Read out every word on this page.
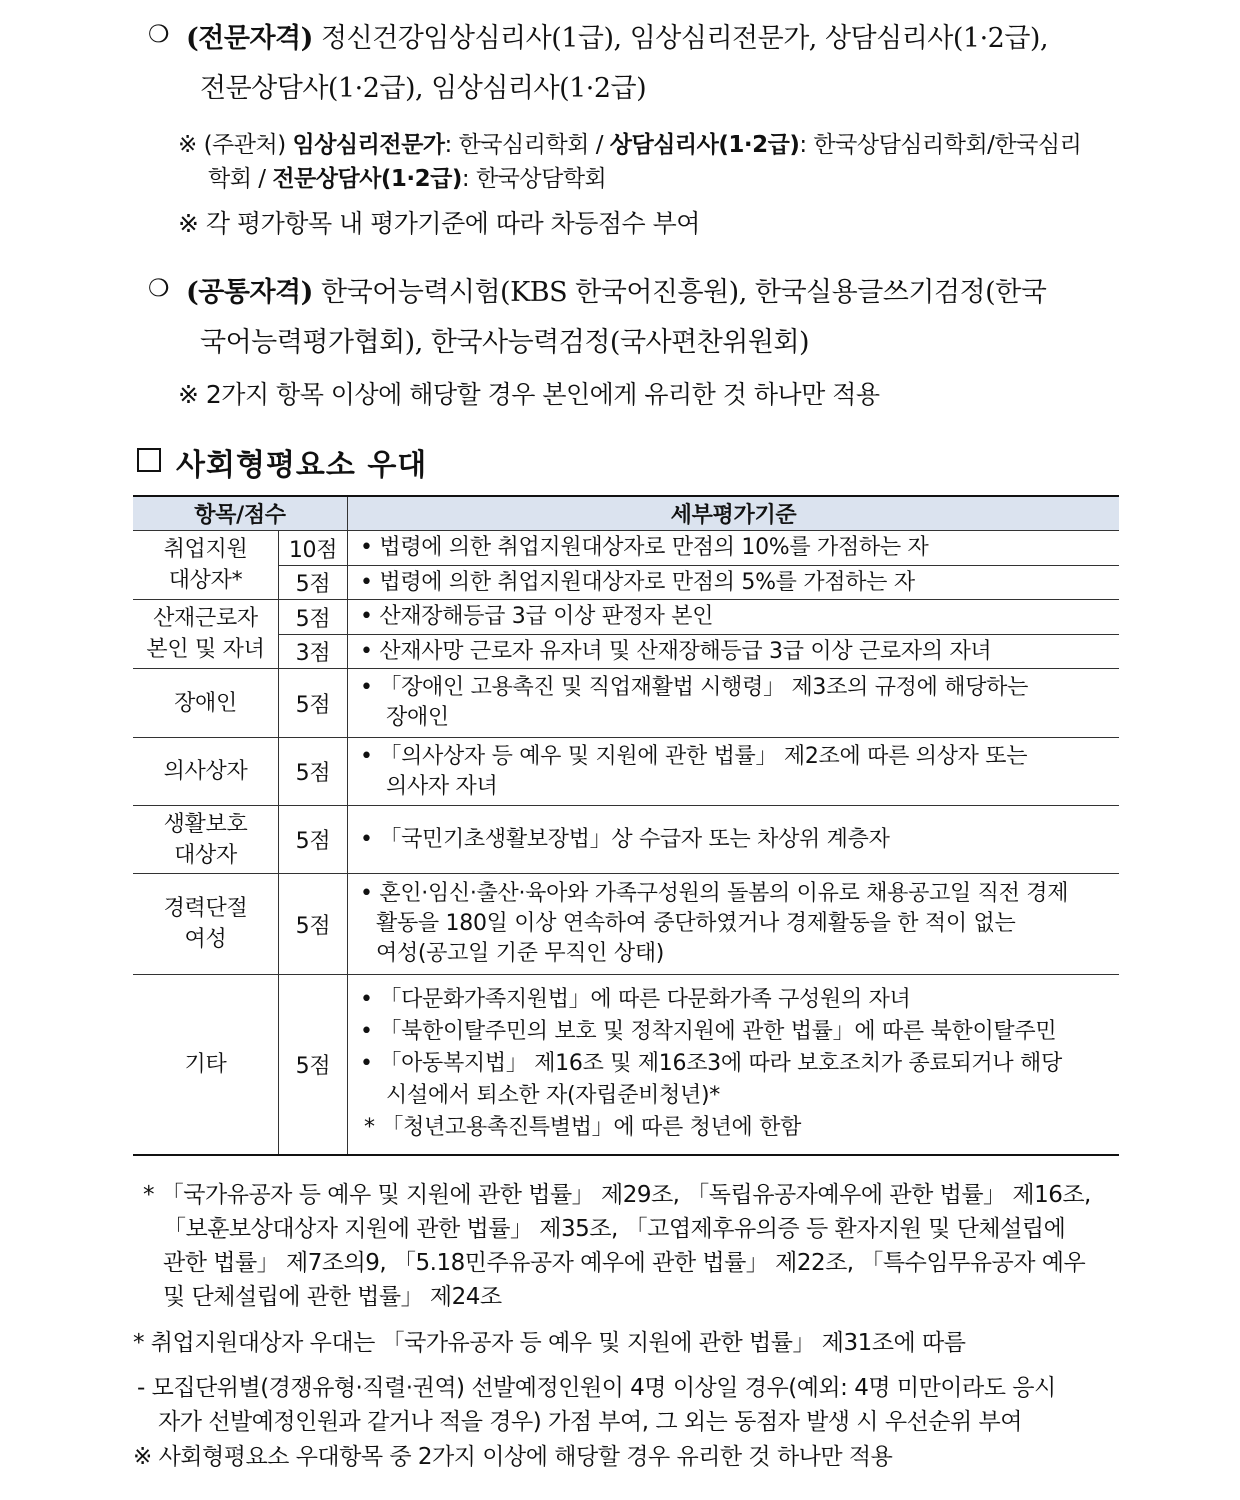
❍ (전문자격) 정신건강임상심리사(1급), 임상심리전문가, 상담심리사(1·2급),
전문상담사(1·2급), 임상심리사(1·2급)
※ (주관처) 임상심리전문가: 한국심리학회 / 상담심리사(1·2급): 한국상담심리학회/한국심리
학회 / 전문상담사(1·2급): 한국상담학회
※ 각 평가항목 내 평가기준에 따라 차등점수 부여
❍ (공통자격) 한국어능력시험(KBS 한국어진흥원), 한국실용글쓰기검정(한국
국어능력평가협회), 한국사능력검정(국사편찬위원회)
※ 2가지 항목 이상에 해당할 경우 본인에게 유리한 것 하나만 적용
사회형평요소 우대
항목/점수		세부평가기준

취업지원
대상자*	10점	• 법령에 의한 취업지원대상자로 만점의 10%를 가점하는 자

	5점	• 법령에 의한 취업지원대상자로 만점의 5%를 가점하는 자

산재근로자
본인 및 자녀	5점	• 산재장해등급 3급 이상 판정자 본인

	3점	• 산재사망 근로자 유자녀 및 산재장해등급 3급 이상 근로자의 자녀

장애인	5점	• 「장애인 고용촉진 및 직업재활법 시행령」 제3조의 규정에 해당하는
장애인

의사상자	5점	• 「의사상자 등 예우 및 지원에 관한 법률」 제2조에 따른 의상자 또는
의사자 자녀

생활보호
대상자	5점	• 「국민기초생활보장법」상 수급자 또는 차상위 계층자

경력단절
여성	5점	• 혼인·임신·출산·육아와 가족구성원의 돌봄의 이유로 채용공고일 직전 경제
활동을 180일 이상 연속하여 중단하였거나 경제활동을 한 적이 없는
여성(공고일 기준 무직인 상태)

기타	5점	• 「다문화가족지원법」에 따른 다문화가족 구성원의 자녀
• 「북한이탈주민의 보호 및 정착지원에 관한 법률」에 따른 북한이탈주민
• 「아동복지법」 제16조 및 제16조3에 따라 보호조치가 종료되거나 해당
시설에서 퇴소한 자(자립준비청년)*
* 「청년고용촉진특별법」에 따른 청년에 한함
* 「국가유공자 등 예우 및 지원에 관한 법률」 제29조, 「독립유공자예우에 관한 법률」 제16조,
「보훈보상대상자 지원에 관한 법률」 제35조, 「고엽제후유의증 등 환자지원 및 단체설립에
관한 법률」 제7조의9, 「5.18민주유공자 예우에 관한 법률」 제22조, 「특수임무유공자 예우
및 단체설립에 관한 법률」 제24조
* 취업지원대상자 우대는 「국가유공자 등 예우 및 지원에 관한 법률」 제31조에 따름
- 모집단위별(경쟁유형·직렬·권역) 선발예정인원이 4명 이상일 경우(예외: 4명 미만이라도 응시
자가 선발예정인원과 같거나 적을 경우) 가점 부여, 그 외는 동점자 발생 시 우선순위 부여
※ 사회형평요소 우대항목 중 2가지 이상에 해당할 경우 유리한 것 하나만 적용
